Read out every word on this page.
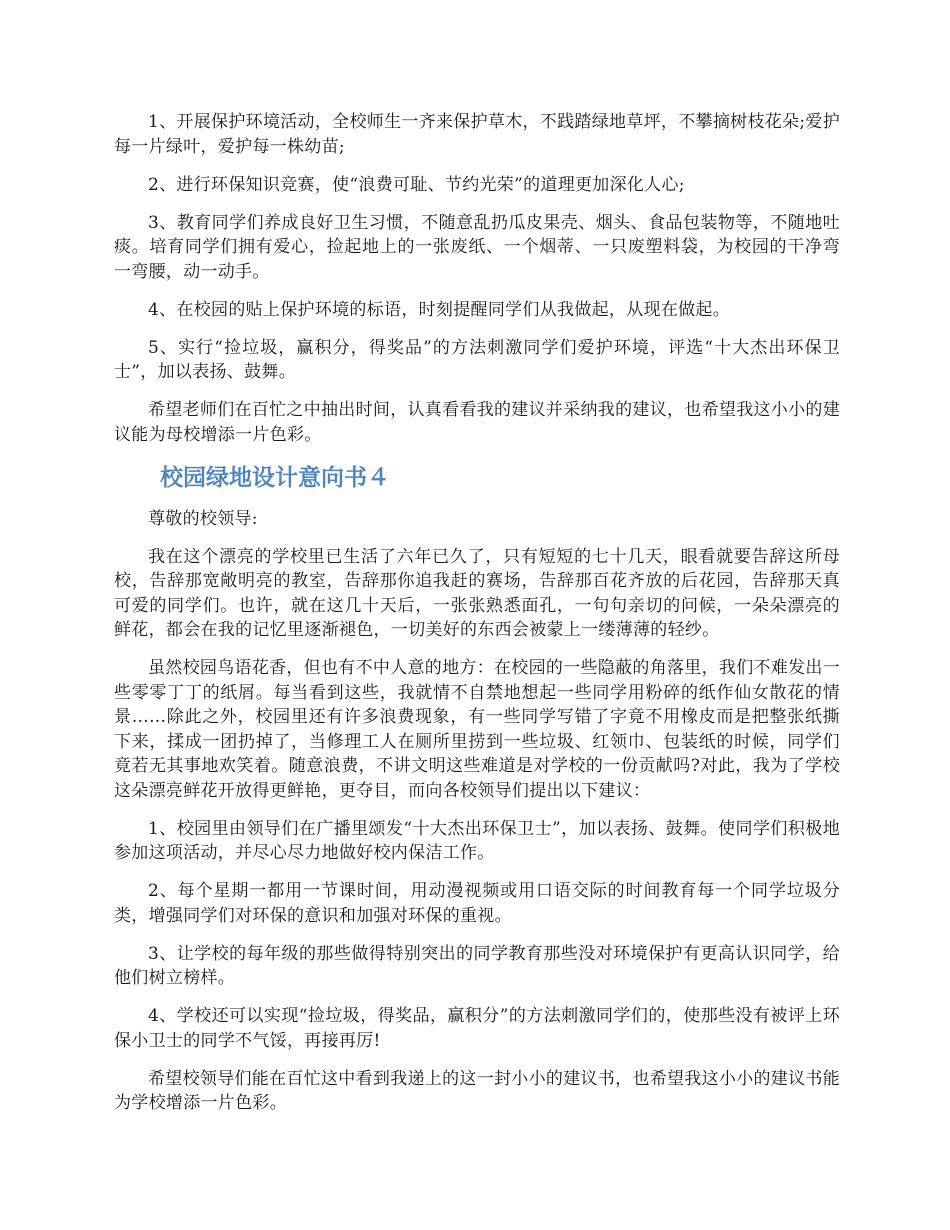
1、开展保护环境活动，全校师生一齐来保护草木，不践踏绿地草坪，不攀摘树枝花朵;爱护每一片绿叶，爱护每一株幼苗;

2、进行环保知识竞赛，使“浪费可耻、节约光荣”的道理更加深化人心;

3、教育同学们养成良好卫生习惯，不随意乱扔瓜皮果壳、烟头、食品包装物等，不随地吐痰。培育同学们拥有爱心，捡起地上的一张废纸、一个烟蒂、一只废塑料袋，为校园的干净弯一弯腰，动一动手。

4、在校园的贴上保护环境的标语，时刻提醒同学们从我做起，从现在做起。

5、实行“捡垃圾，赢积分，得奖品”的方法刺激同学们爱护环境，评选“十大杰出环保卫士”，加以表扬、鼓舞。

希望老师们在百忙之中抽出时间，认真看看我的建议并采纳我的建议，也希望我这小小的建议能为母校增添一片色彩。

校园绿地设计意向书４

尊敬的校领导:

我在这个漂亮的学校里已生活了六年已久了，只有短短的七十几天，眼看就要告辞这所母校，告辞那宽敞明亮的教室，告辞那你追我赶的赛场，告辞那百花齐放的后花园，告辞那天真可爱的同学们。也许，就在这几十天后，一张张熟悉面孔，一句句亲切的问候，一朵朵漂亮的鲜花，都会在我的记忆里逐渐褪色，一切美好的东西会被蒙上一缕薄薄的轻纱。

虽然校园鸟语花香，但也有不中人意的地方：在校园的一些隐蔽的角落里，我们不难发出一些零零丁丁的纸屑。每当看到这些，我就情不自禁地想起一些同学用粉碎的纸作仙女散花的情景……除此之外，校园里还有许多浪费现象，有一些同学写错了字竟不用橡皮而是把整张纸撕下来，揉成一团扔掉了，当修理工人在厕所里捞到一些垃圾、红领巾、包装纸的时候，同学们竟若无其事地欢笑着。随意浪费，不讲文明这些难道是对学校的一份贡献吗?对此，我为了学校这朵漂亮鲜花开放得更鲜艳，更夺目，而向各校领导们提出以下建议：

1、校园里由领导们在广播里颂发“十大杰出环保卫士”，加以表扬、鼓舞。使同学们积极地参加这项活动，并尽心尽力地做好校内保洁工作。

2、每个星期一都用一节课时间，用动漫视频或用口语交际的时间教育每一个同学垃圾分类，增强同学们对环保的意识和加强对环保的重视。

3、让学校的每年级的那些做得特别突出的同学教育那些没对环境保护有更高认识同学，给他们树立榜样。

4、学校还可以实现“捡垃圾，得奖品，赢积分”的方法刺激同学们的，使那些没有被评上环保小卫士的同学不气馁，再接再厉!

希望校领导们能在百忙这中看到我递上的这一封小小的建议书，也希望我这小小的建议书能为学校增添一片色彩。
